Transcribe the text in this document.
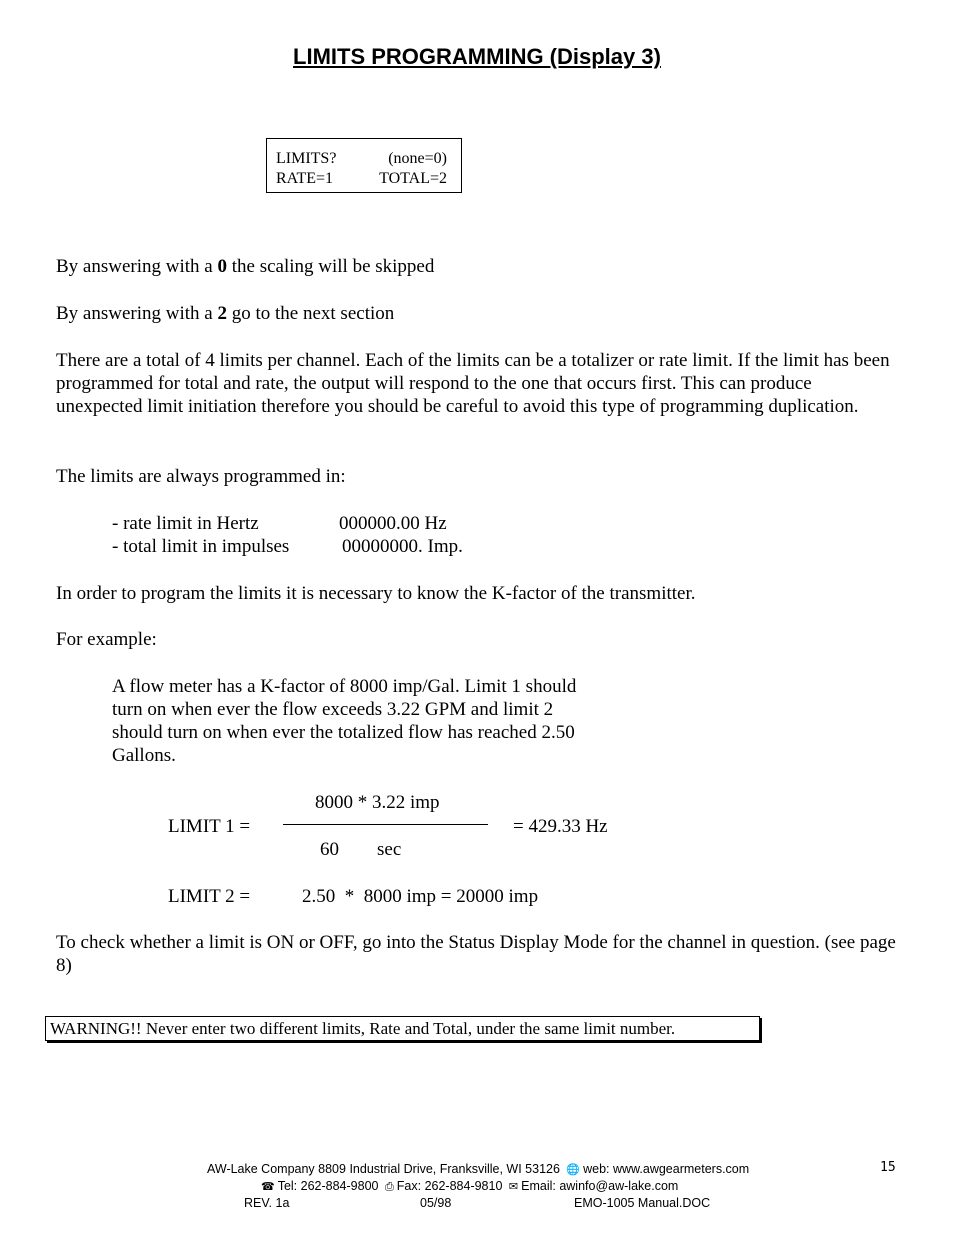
LIMITS PROGRAMMING (Display 3)
LIMITS?	(none=0)
RATE=1	TOTAL=2
By answering with a 0 the scaling will be skipped
By answering with a 2 go to the next section
There are a total of 4 limits per channel. Each of the limits can be a totalizer or rate limit. If the limit has been programmed for total and rate, the output will respond to the one that occurs first. This can produce unexpected limit initiation therefore you should be careful to avoid this type of programming duplication.
The limits are always programmed in:
- rate limit in Hertz	000000.00 Hz
- total limit in impulses	00000000. Imp.
In order to program the limits it is necessary to know the K-factor of the transmitter.
For example:
A flow meter has a K-factor of 8000 imp/Gal. Limit 1 should
turn on when ever the flow exceeds 3.22 GPM and limit 2
should turn on when ever the totalized flow has reached 2.50
Gallons.
8000 * 3.22 imp
LIMIT 1 =	= 429.33 Hz
60        sec
LIMIT 2 =	2.50  *  8000 imp = 20000 imp
To check whether a limit is ON or OFF, go into the Status Display Mode for the channel in question. (see page 8)
WARNING!! Never enter two different limits, Rate and Total, under the same limit number.
AW-Lake Company 8809 Industrial Drive, Franksville, WI 53126 🌐 web: www.awgearmeters.com
☎ Tel: 262-884-9800 ⎙ Fax: 262-884-9810 ✉ Email: awinfo@aw-lake.com
REV. 1a	05/98	EMO-1005 Manual.DOC
15
